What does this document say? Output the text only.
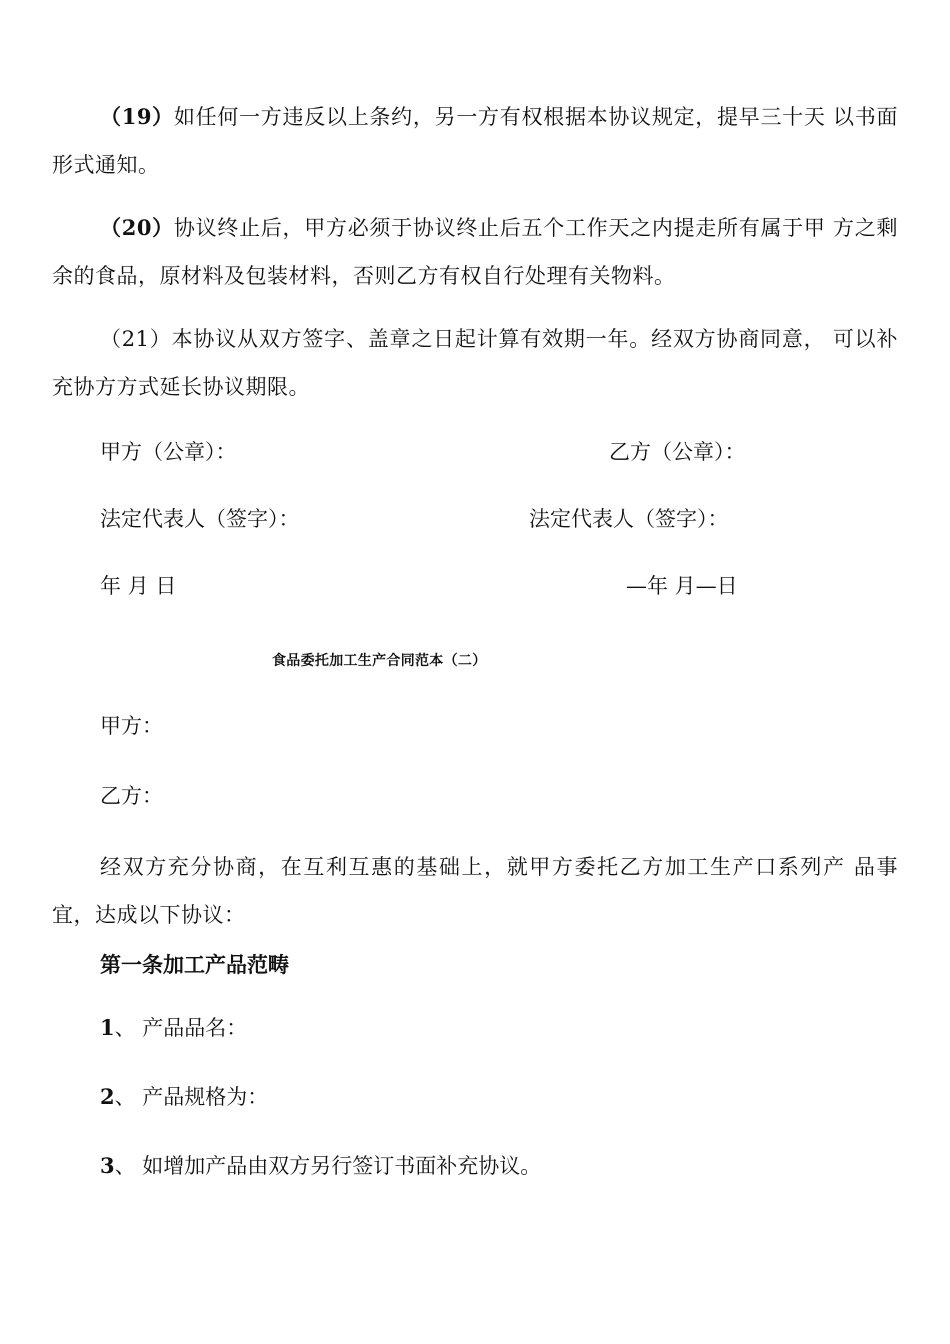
（19）如任何一方违反以上条约，另一方有权根据本协议规定，提早三十天 以书面形式通知。
（20）协议终止后，甲方必须于协议终止后五个工作天之内提走所有属于甲 方之剩余的食品，原材料及包装材料，否则乙方有权自行处理有关物料。
（21）本协议从双方签字、盖章之日起计算有效期一年。经双方协商同意， 可以补充协方方式延长协议期限。
甲方（公章）：	乙方（公章）：
法定代表人（签字）：	法定代表人（签字）：
年 月 日	—年 月—日
食品委托加工生产合同范本（二）
甲方：
乙方：
经双方充分协商，在互利互惠的基础上，就甲方委托乙方加工生产口系列产 品事宜，达成以下协议：
第一条加工产品范畴
1、 产品品名：
2、 产品规格为：
3、 如增加产品由双方另行签订书面补充协议。
